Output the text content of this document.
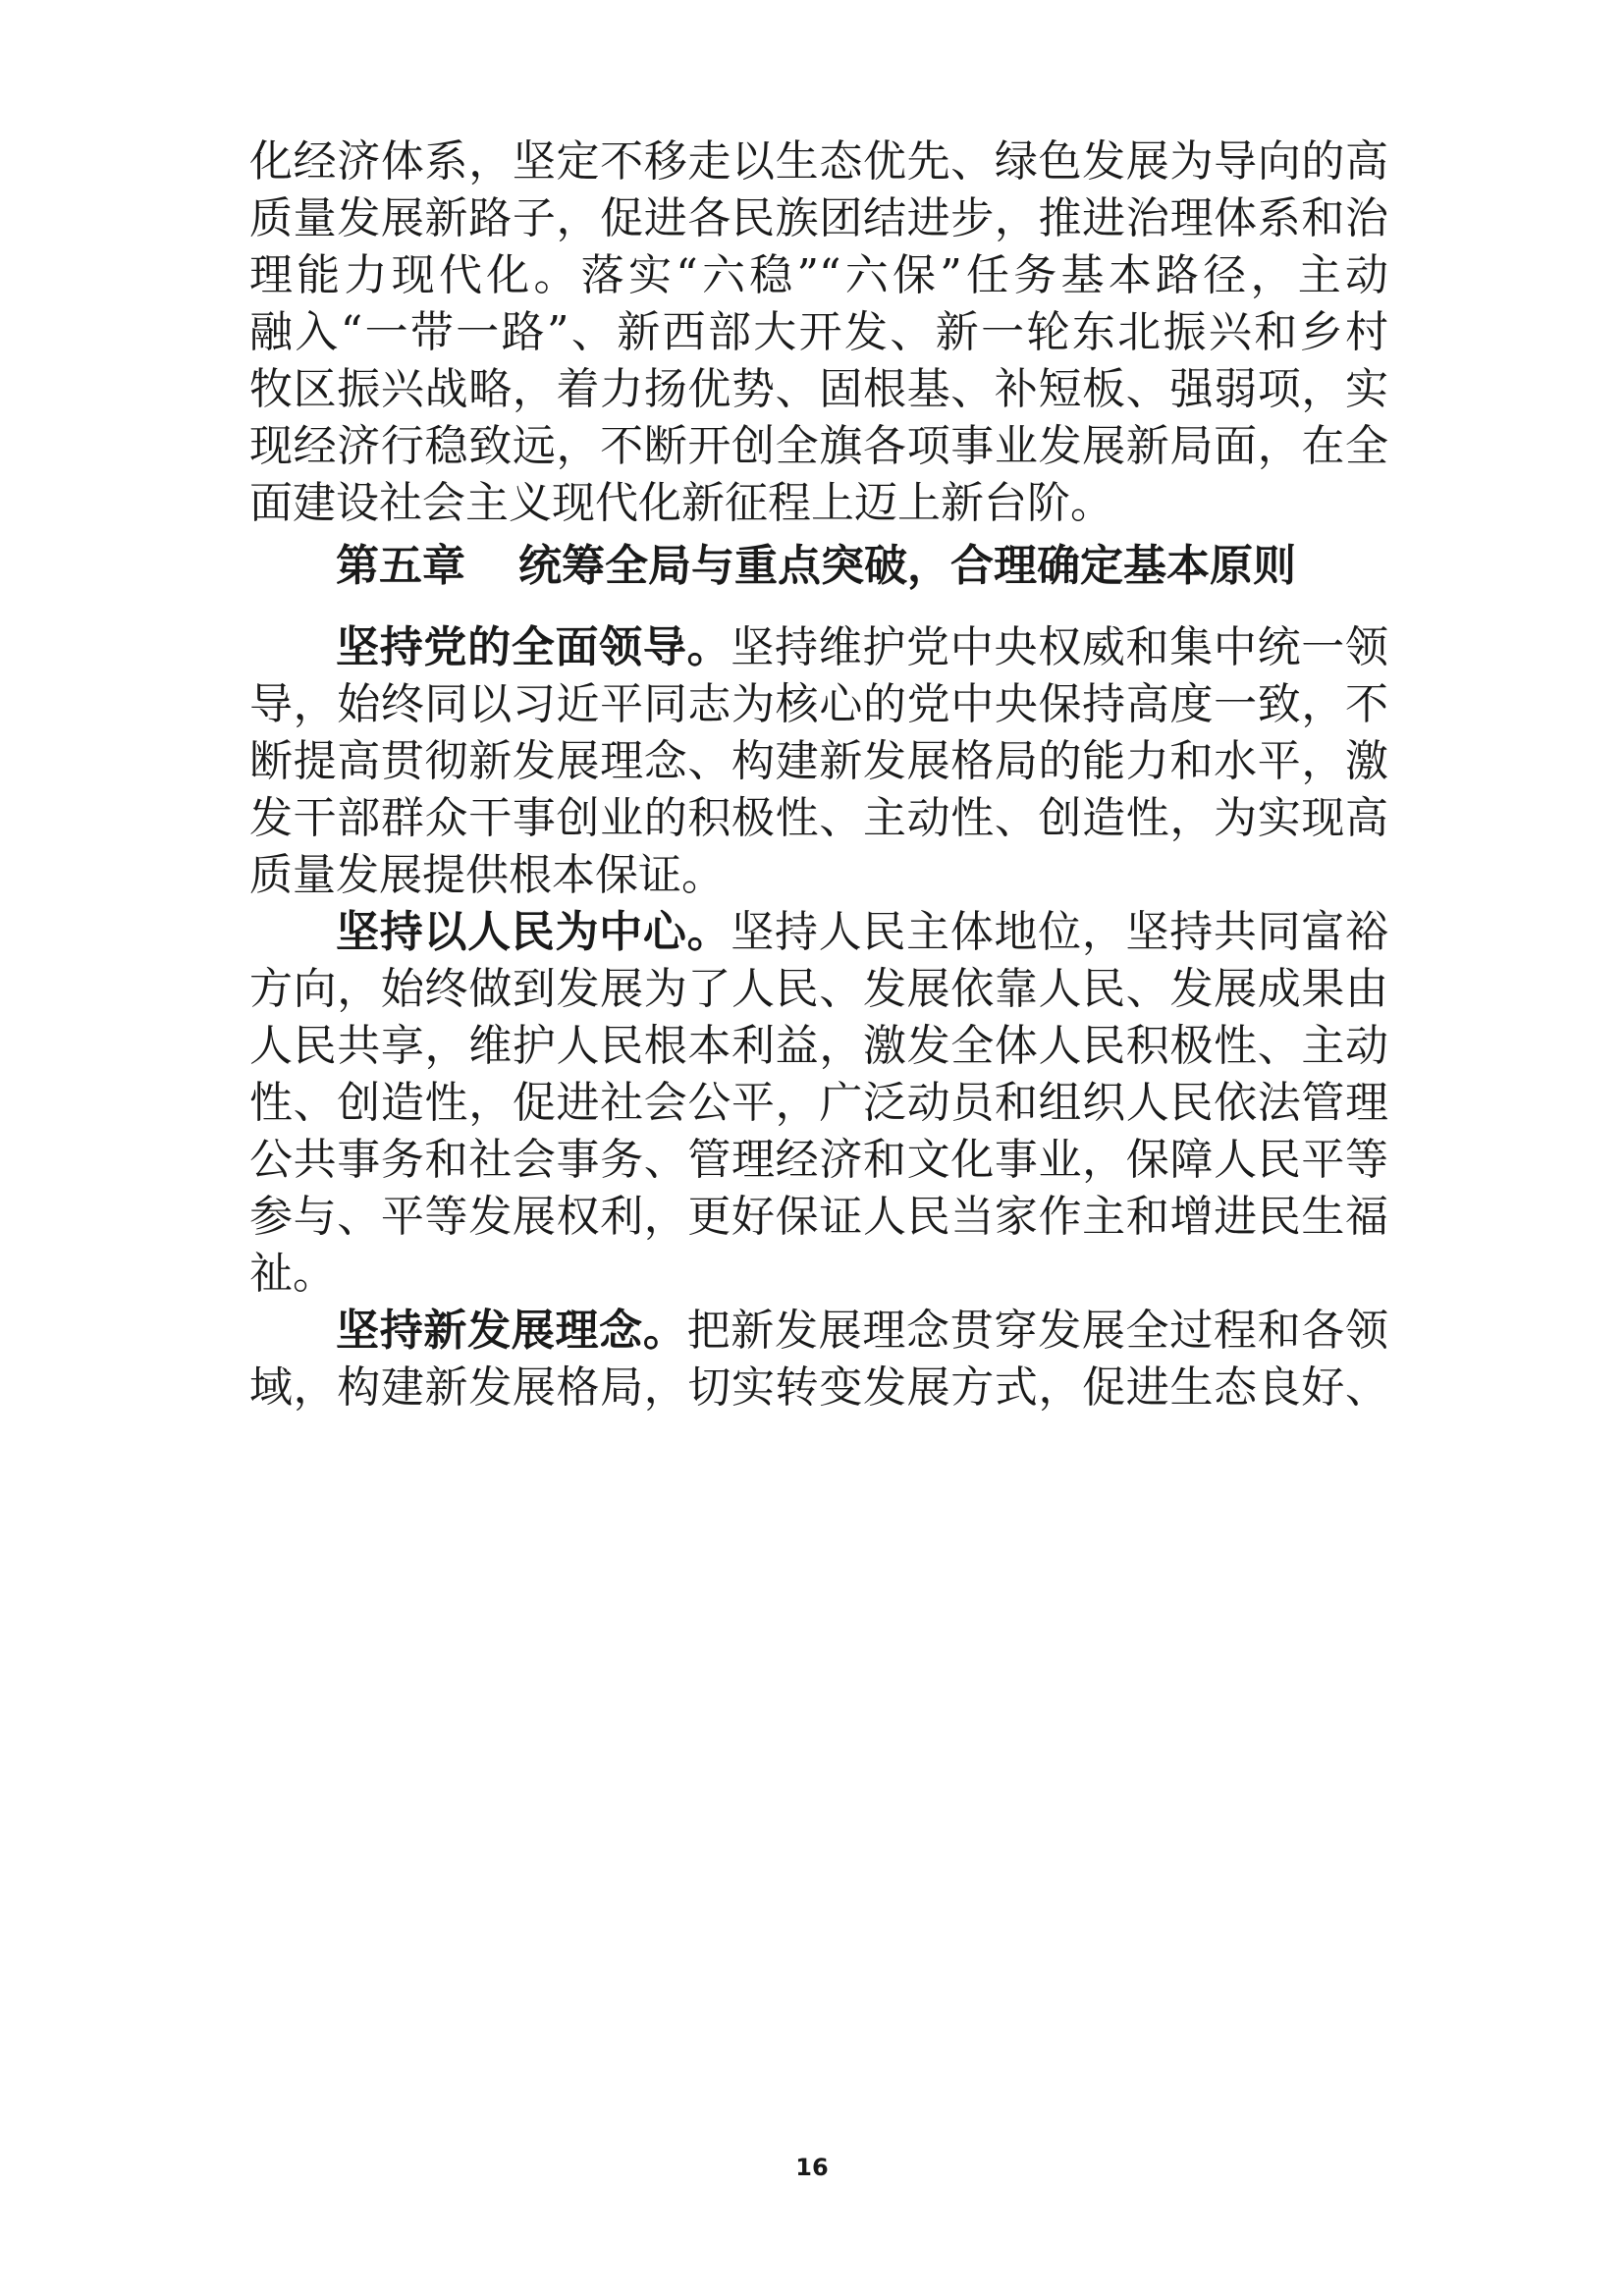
化经济体系，坚定不移走以生态优先、绿色发展为导向的高
质量发展新路子，促进各民族团结进步，推进治理体系和治
理能力现代化。落实“六稳”“六保”任务基本路径，主动
融入“一带一路”、新西部大开发、新一轮东北振兴和乡村
牧区振兴战略，着力扬优势、固根基、补短板、强弱项，实
现经济行稳致远，不断开创全旗各项事业发展新局面，在全
面建设社会主义现代化新征程上迈上新台阶。
第五章 统筹全局与重点突破，合理确定基本原则
坚持党的全面领导。坚持维护党中央权威和集中统一领
导，始终同以习近平同志为核心的党中央保持高度一致，不
断提高贯彻新发展理念、构建新发展格局的能力和水平，激
发干部群众干事创业的积极性、主动性、创造性，为实现高
质量发展提供根本保证。
坚持以人民为中心。坚持人民主体地位，坚持共同富裕
方向，始终做到发展为了人民、发展依靠人民、发展成果由
人民共享，维护人民根本利益，激发全体人民积极性、主动
性、创造性，促进社会公平，广泛动员和组织人民依法管理
公共事务和社会事务、管理经济和文化事业，保障人民平等
参与、平等发展权利，更好保证人民当家作主和增进民生福
祉。
坚持新发展理念。把新发展理念贯穿发展全过程和各领
域，构建新发展格局，切实转变发展方式，促进生态良好、
16
